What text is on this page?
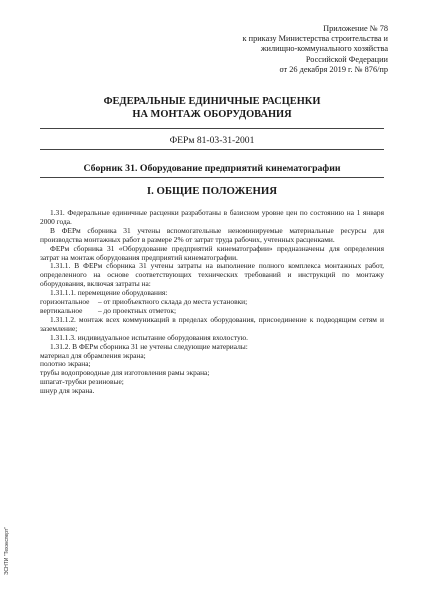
Приложение № 78
к приказу Министерства строительства и
жилищно-коммунального хозяйства
Российской Федерации
от 26 декабря 2019 г. № 876/пр
ФЕДЕРАЛЬНЫЕ ЕДИНИЧНЫЕ РАСЦЕНКИ
НА МОНТАЖ ОБОРУДОВАНИЯ
ФЕРм 81-03-31-2001
Сборник 31. Оборудование предприятий кинематографии
I. ОБЩИЕ ПОЛОЖЕНИЯ

1.31. Федеральные единичные расценки разработаны в базисном уровне цен по состоянию на 1 января 2000 года.

В ФЕРм сборника 31 учтены вспомогательные неноминируемые материальные ресурсы для производства монтажных работ в размере 2% от затрат труда рабочих, учтенных расценками.

ФЕРм сборника 31 «Оборудование предприятий кинематографии» предназначены для определения затрат на монтаж оборудования предприятий кинематографии.

1.31.1. В ФЕРм сборника 31 учтены затраты на выполнение полного комплекса монтажных работ, определенного на основе соответствующих технических требований и инструкций по монтажу оборудования, включая затраты на:

1.31.1.1. перемещение оборудования:

горизонтальное	– от приобъектного склада до места установки;
вертикальное	– до проектных отметок;

1.31.1.2. монтаж всех коммуникаций в пределах оборудования, присоединение к подводящим сетям и заземление;

1.31.1.3. индивидуальное испытание оборудования вхолостую.

1.31.2. В ФЕРм сборника 31 не учтены следующие материалы:

материал для обрамления экрана;

полотно экрана;

трубы водопроводные для изготовления рамы экрана;

шпагат-трубки резиновые;

шнур для экрана.

ЭСНТИ "Техэксперт"
